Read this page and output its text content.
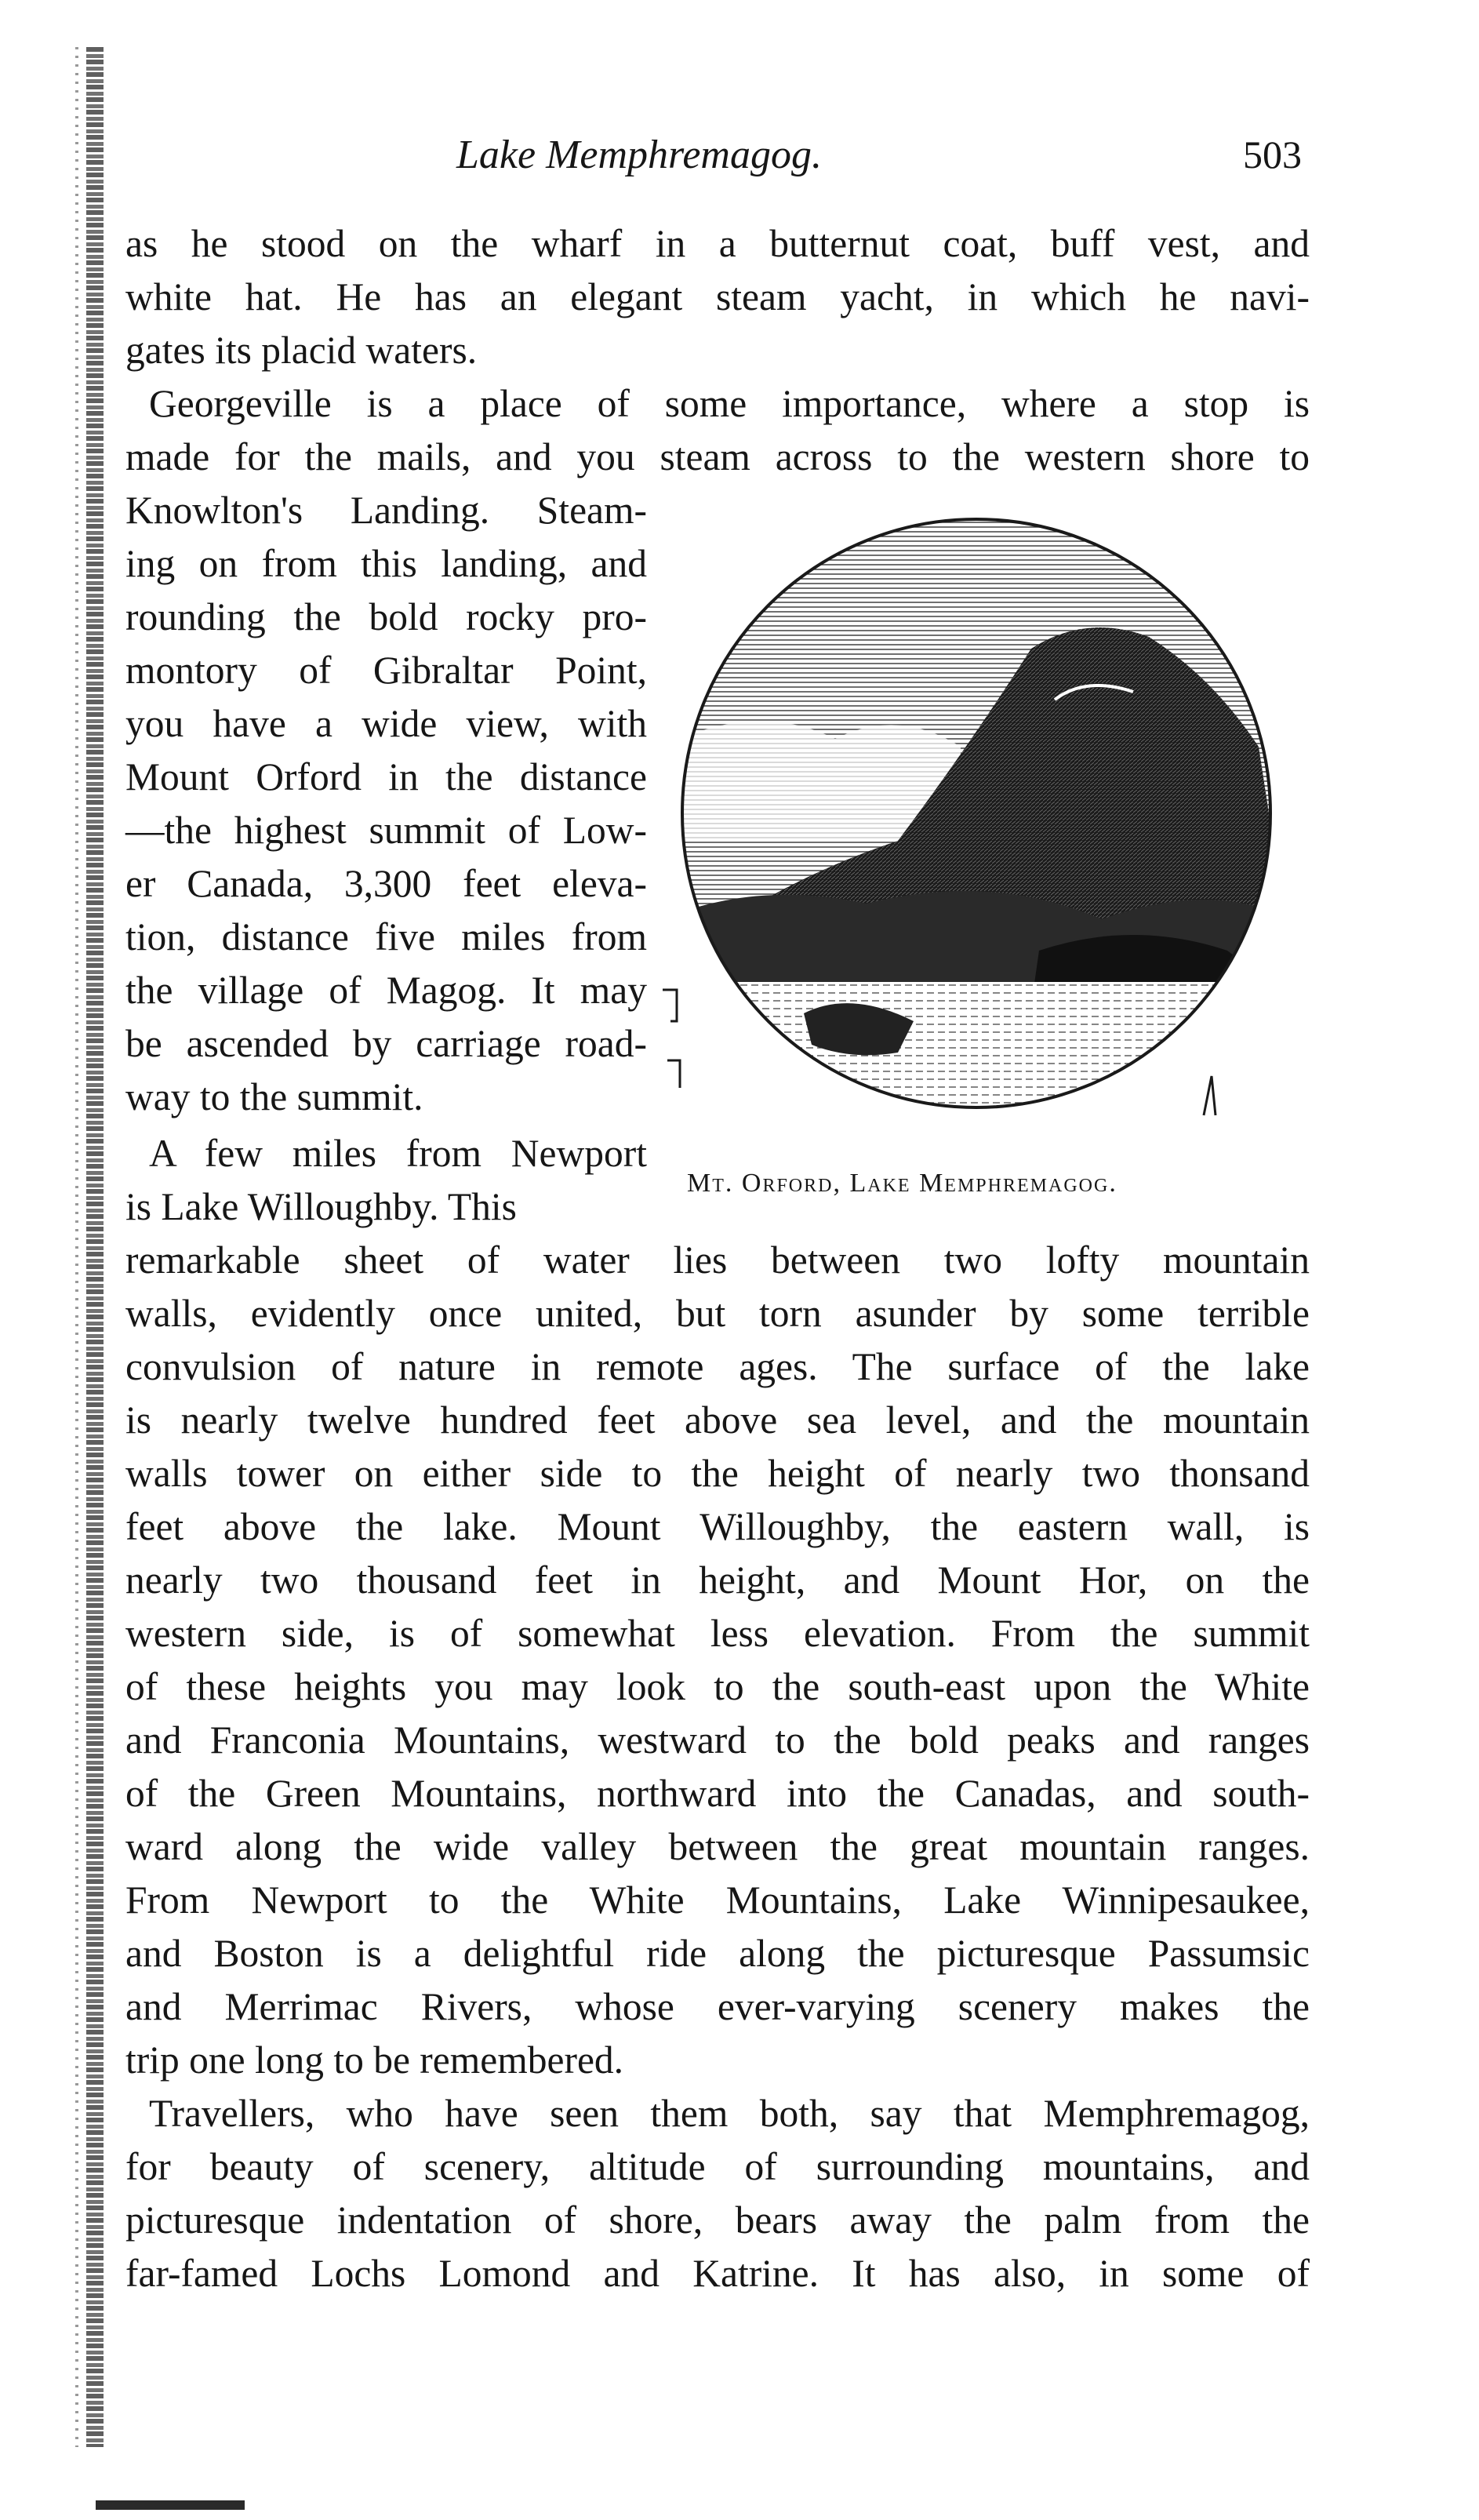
Lake Memphremagog.	503
Mt. Orford, Lake Memphremagog.
as he stood on the wharf in a butternut coat, buff vest, and
white hat. He has an elegant steam yacht, in which he navi-
gates its placid waters.
Georgeville is a place of some importance, where a stop is
made for the mails, and you steam across to the western shore to
Knowlton's Landing. Steam-
ing on from this landing, and
rounding the bold rocky pro-
montory of Gibraltar Point,
you have a wide view, with
Mount Orford in the distance
—the highest summit of Low-
er Canada, 3,300 feet eleva-
tion, distance five miles from
the village of Magog. It may
be ascended by carriage road-
way to the summit.
A few miles from Newport
is Lake Willoughby. This
remarkable sheet of water lies between two lofty mountain
walls, evidently once united, but torn asunder by some terrible
convulsion of nature in remote ages. The surface of the lake
is nearly twelve hundred feet above sea level, and the mountain
walls tower on either side to the height of nearly two thonsand
feet above the lake. Mount Willoughby, the eastern wall, is
nearly two thousand feet in height, and Mount Hor, on the
western side, is of somewhat less elevation. From the summit
of these heights you may look to the south-east upon the White
and Franconia Mountains, westward to the bold peaks and ranges
of the Green Mountains, northward into the Canadas, and south-
ward along the wide valley between the great mountain ranges.
From Newport to the White Mountains, Lake Winnipesaukee,
and Boston is a delightful ride along the picturesque Passumsic
and Merrimac Rivers, whose ever-varying scenery makes the
trip one long to be remembered.
Travellers, who have seen them both, say that Memphremagog,
for beauty of scenery, altitude of surrounding mountains, and
picturesque indentation of shore, bears away the palm from the
far-famed Lochs Lomond and Katrine. It has also, in some of
